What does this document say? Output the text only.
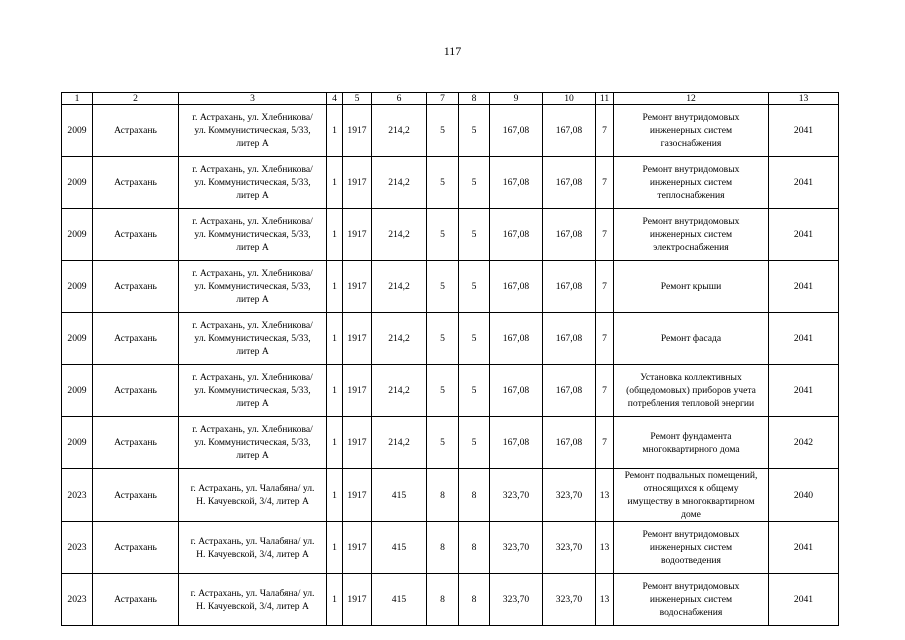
117
1	2	3	4	5	6	7	8	9	10	11	12	13
2009	Астрахань	г. Астрахань, ул. Хлебникова/
ул. Коммунистическая, 5/33,
литер А	1	1917	214,2	5	5	167,08	167,08	7	Ремонт внутридомовых
инженерных систем
газоснабжения	2041
2009	Астрахань	г. Астрахань, ул. Хлебникова/
ул. Коммунистическая, 5/33,
литер А	1	1917	214,2	5	5	167,08	167,08	7	Ремонт внутридомовых
инженерных систем
теплоснабжения	2041
2009	Астрахань	г. Астрахань, ул. Хлебникова/
ул. Коммунистическая, 5/33,
литер А	1	1917	214,2	5	5	167,08	167,08	7	Ремонт внутридомовых
инженерных систем
электроснабжения	2041
2009	Астрахань	г. Астрахань, ул. Хлебникова/
ул. Коммунистическая, 5/33,
литер А	1	1917	214,2	5	5	167,08	167,08	7	Ремонт крыши	2041
2009	Астрахань	г. Астрахань, ул. Хлебникова/
ул. Коммунистическая, 5/33,
литер А	1	1917	214,2	5	5	167,08	167,08	7	Ремонт фасада	2041
2009	Астрахань	г. Астрахань, ул. Хлебникова/
ул. Коммунистическая, 5/33,
литер А	1	1917	214,2	5	5	167,08	167,08	7	Установка коллективных
(общедомовых) приборов учета
потребления тепловой энергии	2041
2009	Астрахань	г. Астрахань, ул. Хлебникова/
ул. Коммунистическая, 5/33,
литер А	1	1917	214,2	5	5	167,08	167,08	7	Ремонт фундамента
многоквартирного дома	2042
2023	Астрахань	г. Астрахань, ул. Чалабяна/ ул.
Н. Качуевской, 3/4, литер А	1	1917	415	8	8	323,70	323,70	13	Ремонт подвальных помещений,
относящихся к общему
имуществу в многоквартирном
доме	2040
2023	Астрахань	г. Астрахань, ул. Чалабяна/ ул.
Н. Качуевской, 3/4, литер А	1	1917	415	8	8	323,70	323,70	13	Ремонт внутридомовых
инженерных систем
водоотведения	2041
2023	Астрахань	г. Астрахань, ул. Чалабяна/ ул.
Н. Качуевской, 3/4, литер А	1	1917	415	8	8	323,70	323,70	13	Ремонт внутридомовых
инженерных систем
водоснабжения	2041
